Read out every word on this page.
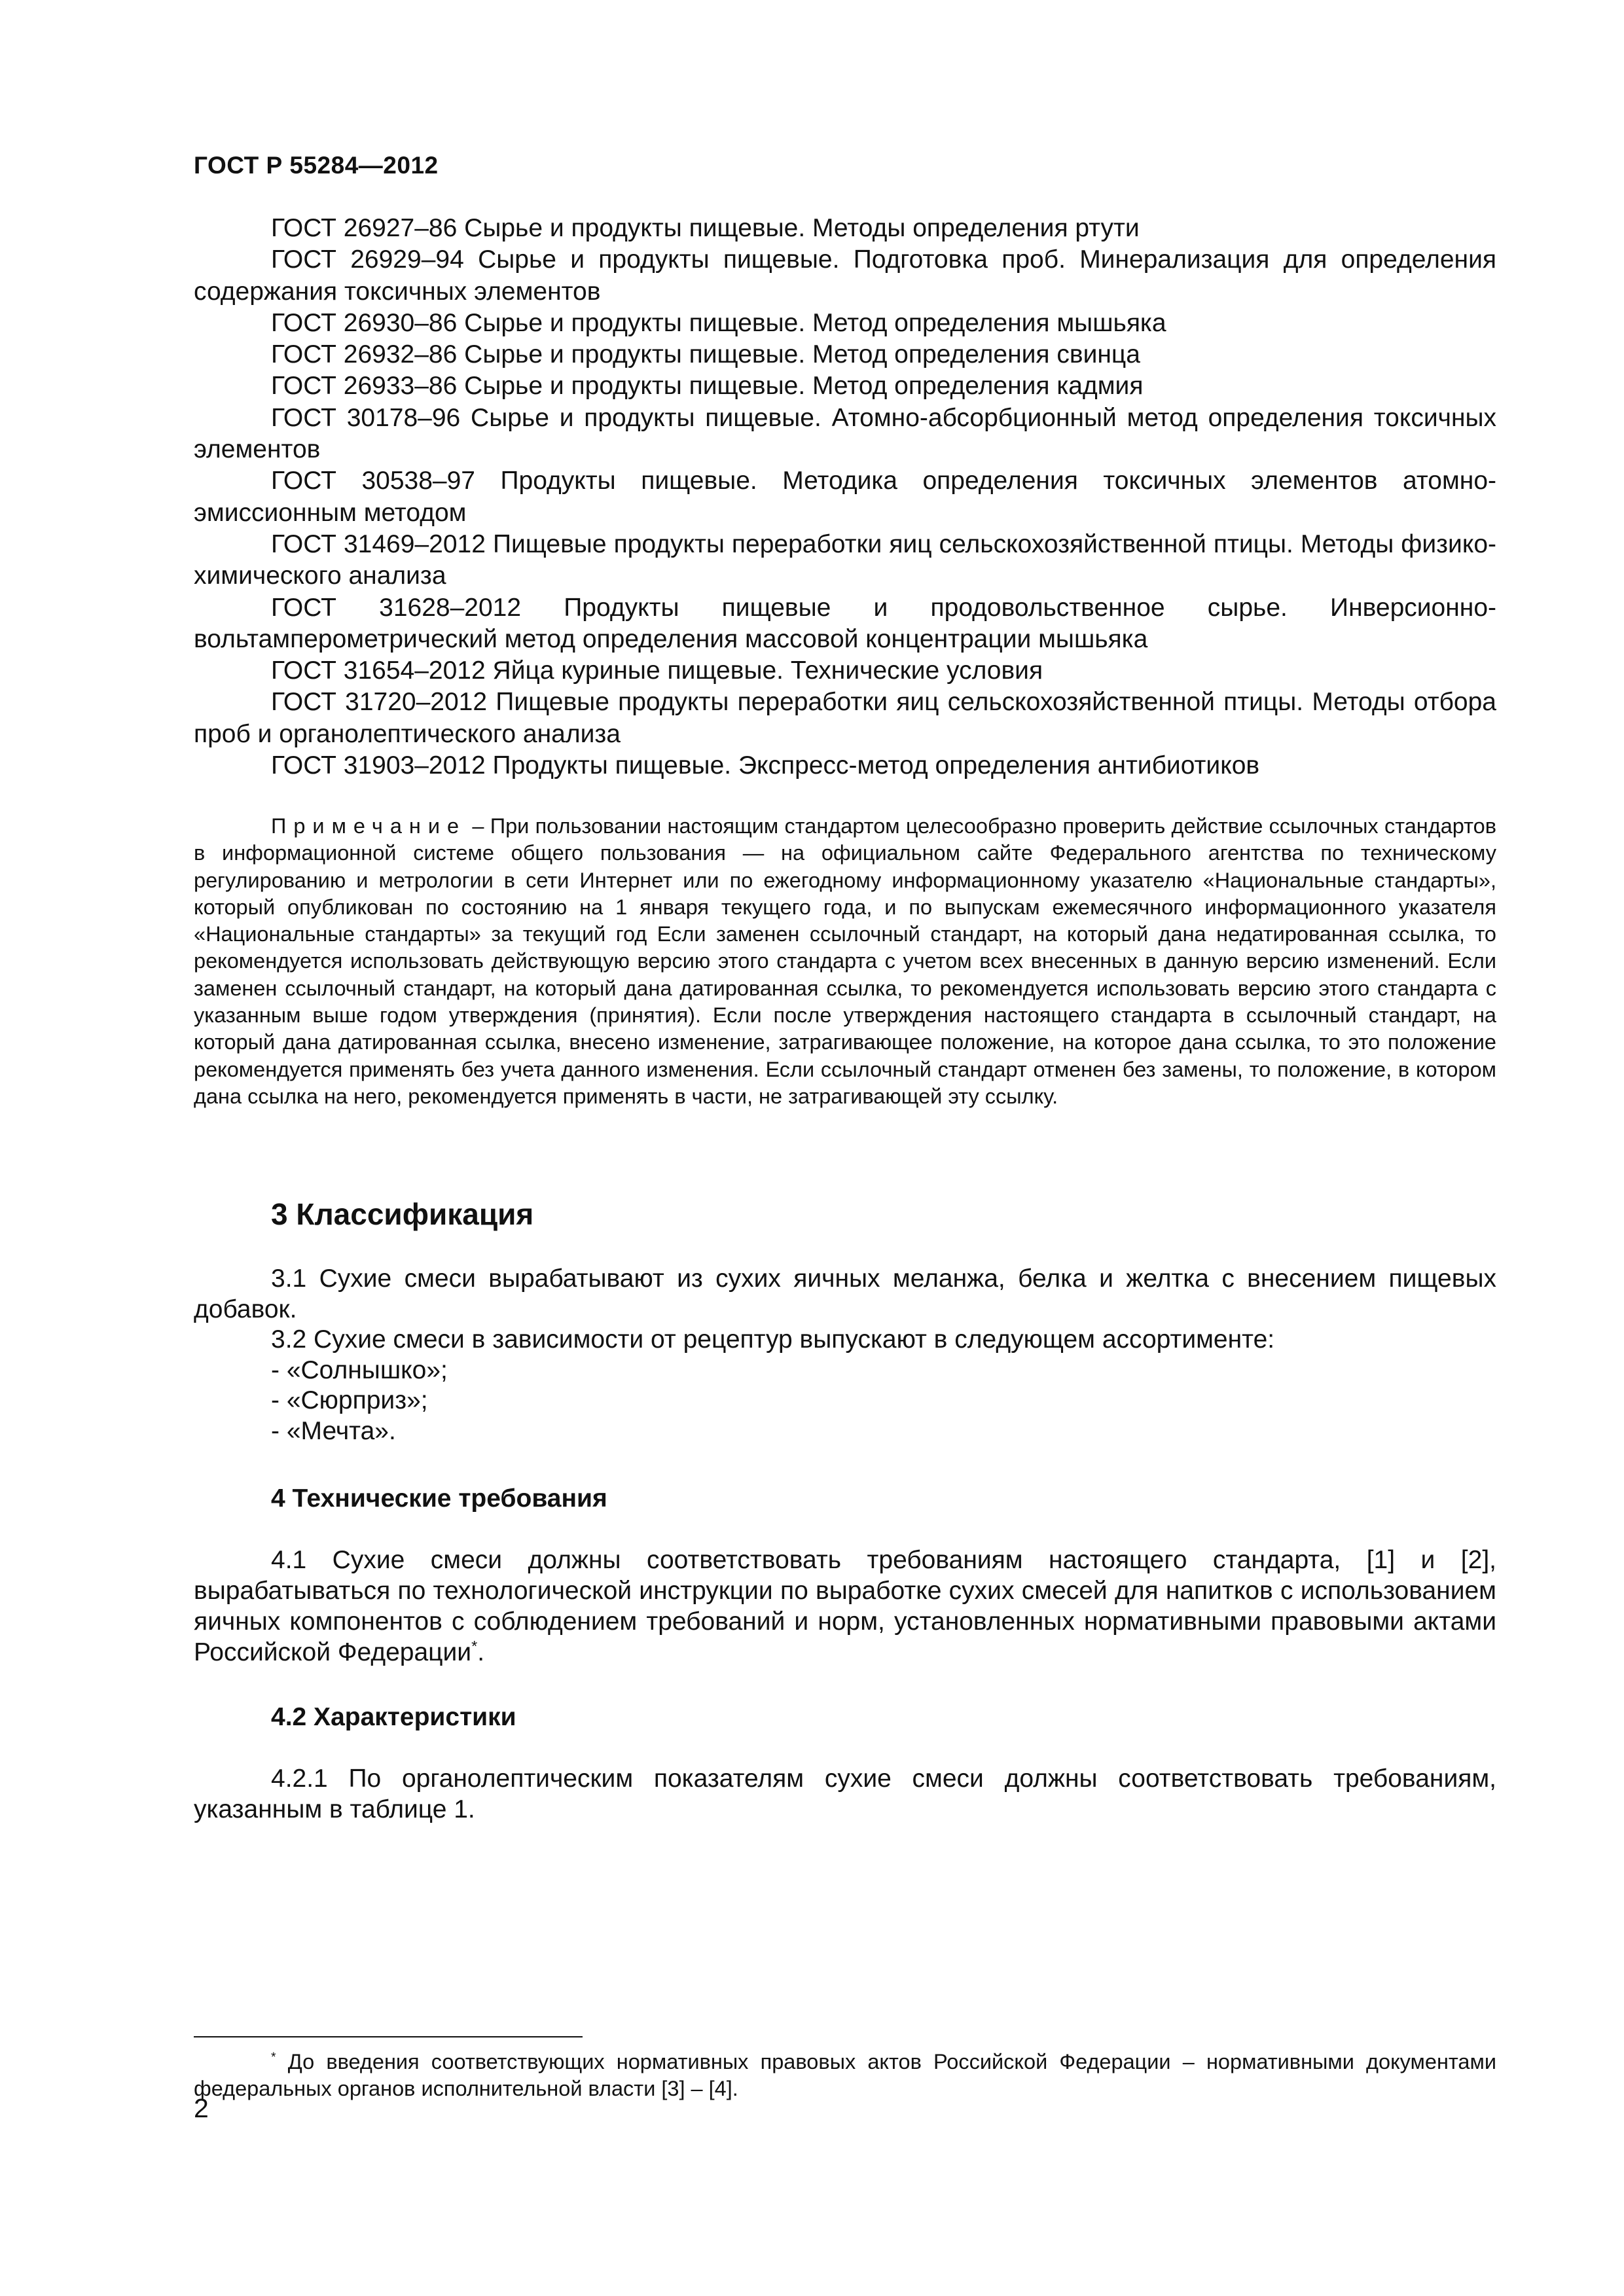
ГОСТ Р 55284—2012

ГОСТ 26927–86 Сырье и продукты пищевые. Методы определения ртути

ГОСТ 26929–94 Сырье и продукты пищевые. Подготовка проб. Минерализация для определения содержания токсичных элементов

ГОСТ 26930–86 Сырье и продукты пищевые. Метод определения мышьяка

ГОСТ 26932–86 Сырье и продукты пищевые. Метод определения свинца

ГОСТ 26933–86 Сырье и продукты пищевые. Метод определения кадмия

ГОСТ 30178–96 Сырье и продукты пищевые. Атомно-абсорбционный метод определения токсичных элементов

ГОСТ 30538–97 Продукты пищевые. Методика определения токсичных элементов атомно-эмиссионным методом

ГОСТ 31469–2012 Пищевые продукты переработки яиц сельскохозяйственной птицы. Методы физико-химического анализа

ГОСТ 31628–2012 Продукты пищевые и продовольственное сырье. Инверсионно-вольтамперометрический метод определения массовой концентрации мышьяка

ГОСТ 31654–2012 Яйца куриные пищевые. Технические условия

ГОСТ 31720–2012 Пищевые продукты переработки яиц сельскохозяйственной птицы. Методы отбора проб и органолептического анализа

ГОСТ 31903–2012 Продукты пищевые. Экспресс-метод определения антибиотиков

Примечание – При пользовании настоящим стандартом целесообразно проверить действие ссылочных стандартов в информационной системе общего пользования — на официальном сайте Федерального агентства по техническому регулированию и метрологии в сети Интернет или по ежегодному информационному указателю «Национальные стандарты», который опубликован по состоянию на 1 января текущего года, и по выпускам ежемесячного информационного указателя «Национальные стандарты» за текущий год Если заменен ссылочный стандарт, на который дана недатированная ссылка, то рекомендуется использовать действующую версию этого стандарта с учетом всех внесенных в данную версию изменений. Если заменен ссылочный стандарт, на который дана датированная ссылка, то рекомендуется использовать версию этого стандарта с указанным выше годом утверждения (принятия). Если после утверждения настоящего стандарта в ссылочный стандарт, на который дана датированная ссылка, внесено изменение, затрагивающее положение, на которое дана ссылка, то это положение рекомендуется применять без учета данного изменения. Если ссылочный стандарт отменен без замены, то положение, в котором дана ссылка на него, рекомендуется применять в части, не затрагивающей эту ссылку.

3 Классификация

3.1 Сухие смеси вырабатывают из сухих яичных меланжа, белка и желтка с внесением пищевых добавок.

3.2 Сухие смеси в зависимости от рецептур выпускают в следующем ассортименте:

- «Солнышко»;

- «Сюрприз»;

- «Мечта».

4 Технические требования

4.1 Сухие смеси должны соответствовать требованиям настоящего стандарта, [1] и [2], вырабатываться по технологической инструкции по выработке сухих смесей для напитков с использованием яичных компонентов с соблюдением требований и норм, установленных нормативными правовыми актами Российской Федерации*.

4.2 Характеристики

4.2.1 По органолептическим показателям сухие смеси должны соответствовать требованиям, указанным в таблице 1.

* До введения соответствующих нормативных правовых актов Российской Федерации – нормативными документами федеральных органов исполнительной власти [3] – [4].

2
